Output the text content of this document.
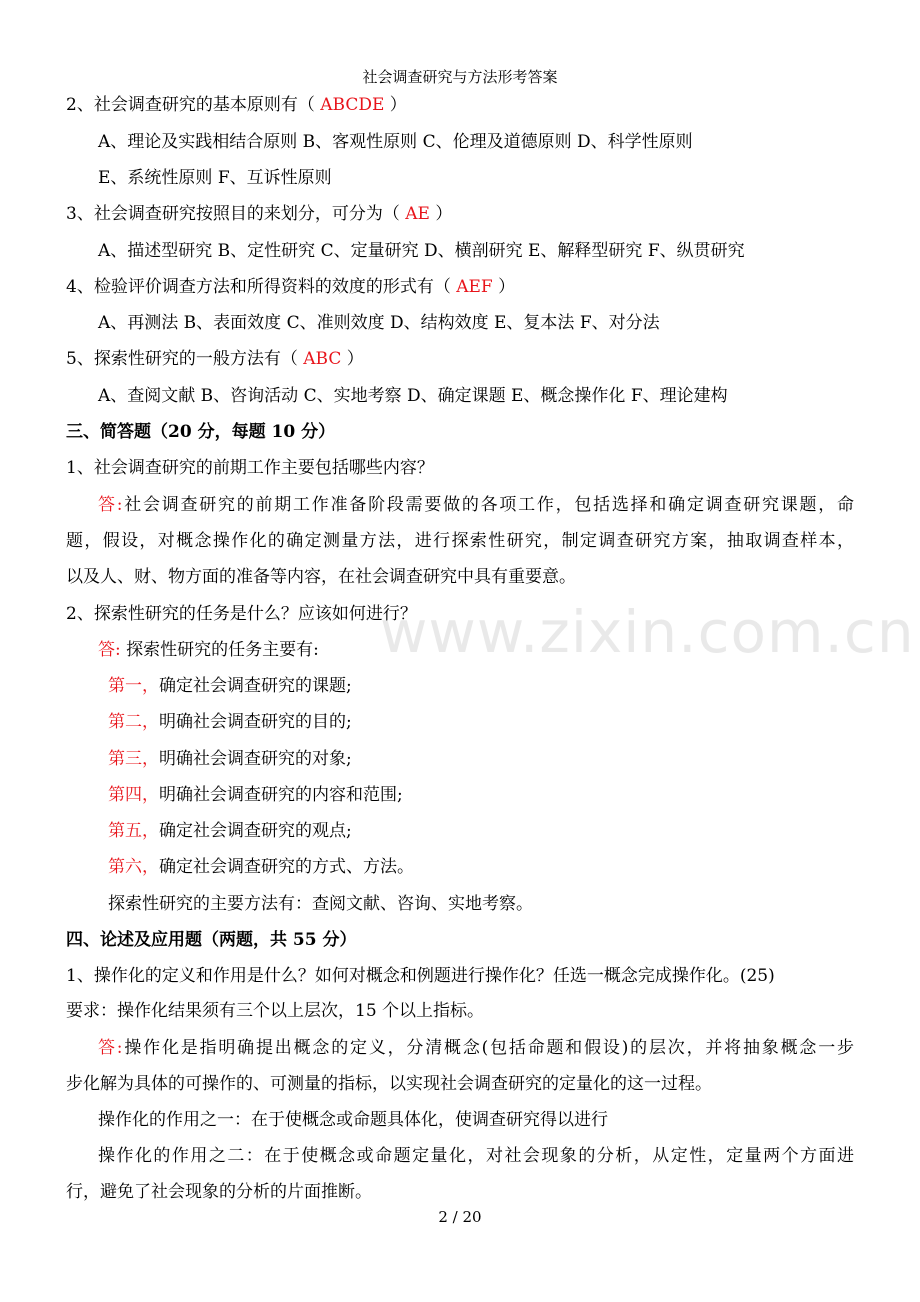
社会调查研究与方法形考答案
2、社会调查研究的基本原则有（ ABCDE ）
A、理论及实践相结合原则 B、客观性原则 C、伦理及道德原则 D、科学性原则
E、系统性原则 F、互诉性原则
3、社会调查研究按照目的来划分，可分为（ AE ）
A、描述型研究 B、定性研究 C、定量研究 D、横剖研究 E、解释型研究 F、纵贯研究
4、检验评价调查方法和所得资料的效度的形式有（ AEF ）
A、再测法 B、表面效度 C、准则效度 D、结构效度 E、复本法 F、对分法
5、探索性研究的一般方法有（ ABC ）
A、查阅文献 B、咨询活动 C、实地考察 D、确定课题 E、概念操作化 F、理论建构
三、简答题（20 分，每题 10 分）
1、社会调查研究的前期工作主要包括哪些内容？
答:社会调查研究的前期工作准备阶段需要做的各项工作，包括选择和确定调查研究课题，命
题，假设，对概念操作化的确定测量方法，进行探索性研究，制定调查研究方案，抽取调查样本，
以及人、财、物方面的准备等内容，在社会调查研究中具有重要意。
2、探索性研究的任务是什么？应该如何进行？
答: 探索性研究的任务主要有:
第一，确定社会调查研究的课题;
第二，明确社会调查研究的目的;
第三，明确社会调查研究的对象;
第四，明确社会调查研究的内容和范围;
第五，确定社会调查研究的观点;
第六，确定社会调查研究的方式、方法。
探索性研究的主要方法有：查阅文献、咨询、实地考察。
四、论述及应用题（两题，共 55 分）
1、操作化的定义和作用是什么？如何对概念和例题进行操作化？任选一概念完成操作化。(25)
要求：操作化结果须有三个以上层次，15 个以上指标。
答:操作化是指明确提出概念的定义，分清概念(包括命题和假设)的层次，并将抽象概念一步
步化解为具体的可操作的、可测量的指标，以实现社会调查研究的定量化的这一过程。
操作化的作用之一：在于使概念或命题具体化，使调查研究得以进行
操作化的作用之二：在于使概念或命题定量化，对社会现象的分析，从定性，定量两个方面进
行，避免了社会现象的分析的片面推断。
www.zixin.com.cn
2 / 20
